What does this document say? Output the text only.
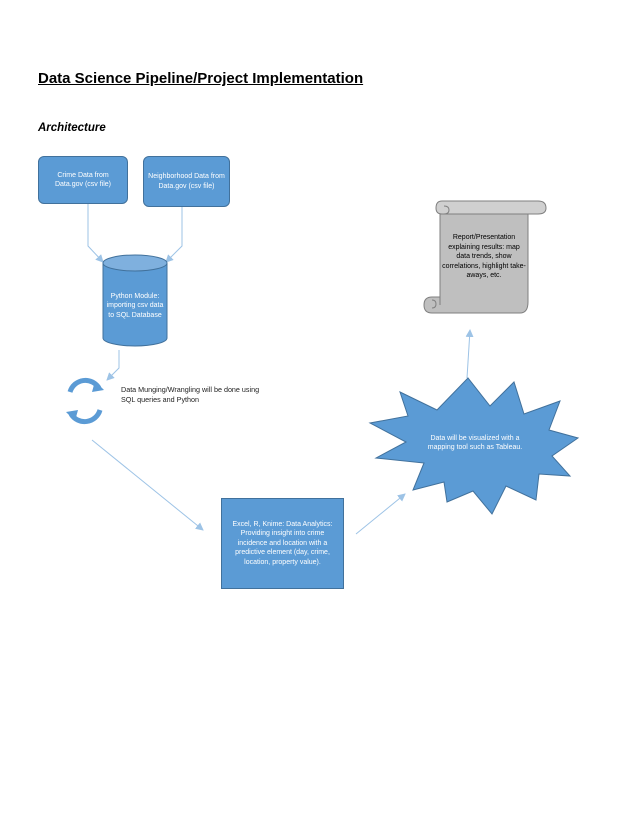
Data Science Pipeline/Project Implementation
Architecture
Crime Data from Data.gov (csv file)
Neighborhood Data from Data.gov (csv file)
Python Module: importing csv data to SQL Database
Data Munging/Wrangling will be done using SQL queries and Python
Excel, R, Knime: Data Analytics: Providing insight into crime incidence and location with a predictive element (day, crime, location, property value).
Data will be visualized with a mapping tool such as Tableau.
Report/Presentation explaining results: map data trends, show correlations, highlight take-aways, etc.
